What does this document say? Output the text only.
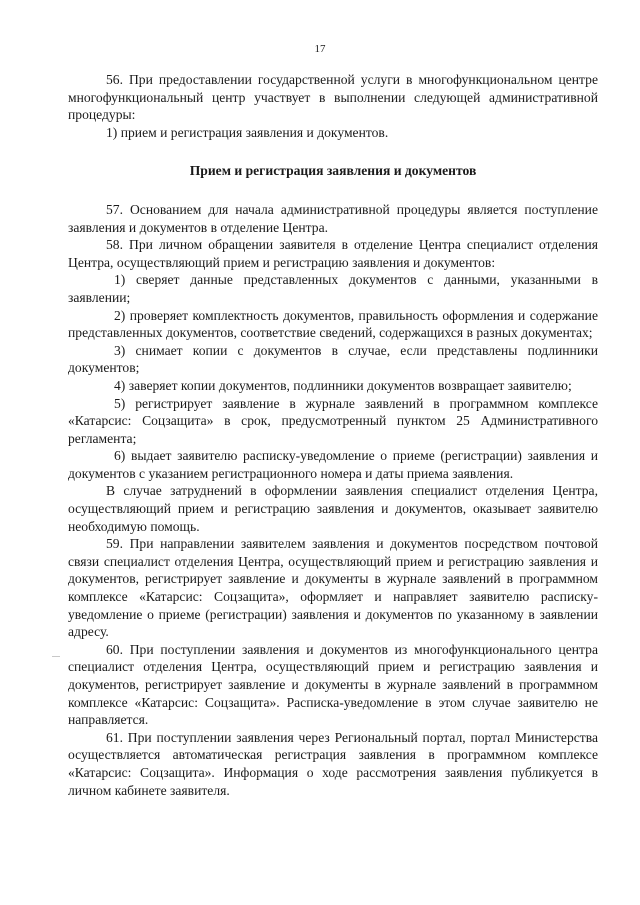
17

56. При предоставлении государственной услуги в многофункциональном центре многофункциональный центр участвует в выполнении следующей административной процедуры:

1) прием и регистрация заявления и документов.

Прием и регистрация заявления и документов

57. Основанием для начала административной процедуры является поступление заявления и документов в отделение Центра.

58. При личном обращении заявителя в отделение Центра специалист отделения Центра, осуществляющий прием и регистрацию заявления и документов:

1) сверяет данные представленных документов с данными, указанными в заявлении;

2) проверяет комплектность документов, правильность оформления и содержание представленных документов, соответствие сведений, содержащихся в разных документах;

3) снимает копии с документов в случае, если представлены подлинники документов;

4) заверяет копии документов, подлинники документов возвращает заявителю;

5) регистрирует заявление в журнале заявлений в программном комплексе «Катарсис: Соцзащита» в срок, предусмотренный пунктом 25 Административного регламента;

6) выдает заявителю расписку-уведомление о приеме (регистрации) заявления и документов с указанием регистрационного номера и даты приема заявления.

В случае затруднений в оформлении заявления специалист отделения Центра, осуществляющий прием и регистрацию заявления и документов, оказывает заявителю необходимую помощь.

59. При направлении заявителем заявления и документов посредством почтовой связи специалист отделения Центра, осуществляющий прием и регистрацию заявления и документов, регистрирует заявление и документы в журнале заявлений в программном комплексе «Катарсис: Соцзащита», оформляет и направляет заявителю расписку-уведомление о приеме (регистрации) заявления и документов по указанному в заявлении адресу.

60. При поступлении заявления и документов из многофункционального центра специалист отделения Центра, осуществляющий прием и регистрацию заявления и документов, регистрирует заявление и документы в журнале заявлений в программном комплексе «Катарсис: Соцзащита». Расписка-уведомление в этом случае заявителю не направляется.

61. При поступлении заявления через Региональный портал, портал Министерства осуществляется автоматическая регистрация заявления в программном комплексе «Катарсис: Соцзащита». Информация о ходе рассмотрения заявления публикуется в личном кабинете заявителя.
